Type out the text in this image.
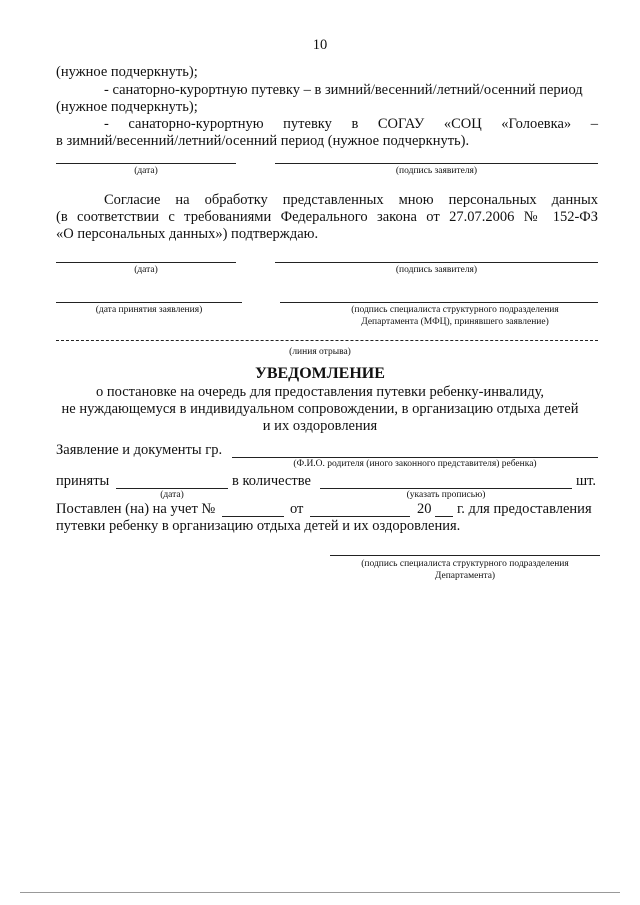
10
(нужное подчеркнуть);
- санаторно-курортную путевку – в зимний/весенний/летний/осенний период
(нужное подчеркнуть);
- санаторно-курортную путевку в СОГАУ «СОЦ «Голоевка» –
в зимний/весенний/летний/осенний период (нужное подчеркнуть).
(дата)	(подпись заявителя)
Согласие на обработку представленных мною персональных данных
(в соответствии с требованиями Федерального закона от 27.07.2006 № 152-ФЗ
«О персональных данных») подтверждаю.
(дата)	(подпись заявителя)
(дата принятия заявления)	(подпись специалиста структурного подразделения
Департамента (МФЦ), принявшего заявление)
(линия отрыва)
УВЕДОМЛЕНИЕ
о постановке на очередь для предоставления путевки ребенку-инвалиду,
не нуждающемуся в индивидуальном сопровождении, в организацию отдыха детей
и их оздоровления
Заявление и документы гр.
(Ф.И.О. родителя (иного законного представителя) ребенка)
приняты	в количестве	шт.
(дата)	(указать прописью)
Поставлен (на) на учет №	от	20 г. для предоставления
путевки ребенку в организацию отдыха детей и их оздоровления.
(подпись специалиста структурного подразделения
Департамента)
